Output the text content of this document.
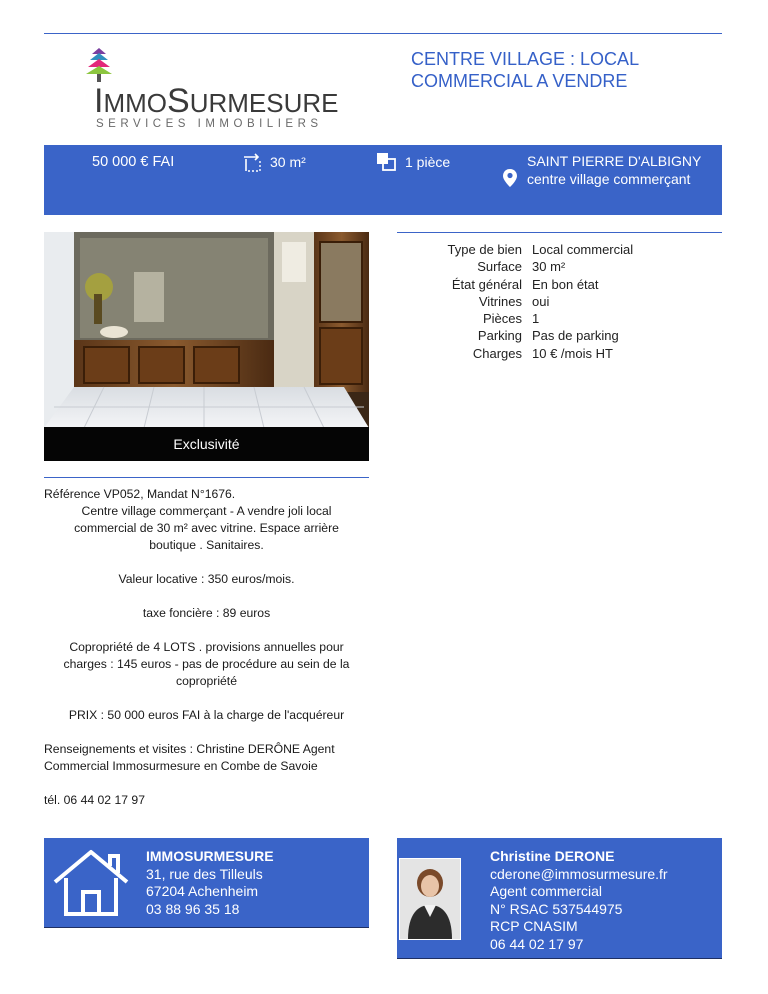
IMMOSURMESURE
SERVICES IMMOBILIERS
CENTRE VILLAGE : LOCAL
COMMERCIAL A VENDRE
50 000 € FAI	30 m²	1 pièce	SAINT PIERRE D'ALBIGNY centre village commerçant
Type de bien Local commercial
Surface 30 m²
État général En bon état
Vitrines oui
Pièces 1
Parking Pas de parking
Charges 10 € /mois HT
Exclusivité

Référence VP052, Mandat N°1676.

Centre village commerçant - A vendre joli local commercial de 30 m² avec vitrine. Espace arrière boutique . Sanitaires.

Valeur locative : 350 euros/mois.

taxe foncière : 89 euros

Copropriété de 4 LOTS . provisions annuelles pour charges : 145 euros - pas de procédure au sein de la copropriété

PRIX : 50 000 euros FAI à la charge de l'acquéreur

Renseignements et visites : Christine DERÔNE Agent Commercial Immosurmesure en Combe de Savoie

tél. 06 44 02 17 97

IMMOSURMESURE
31, rue des Tilleuls
67204 Achenheim
03 88 96 35 18
Christine DERONE
cderone@immosurmesure.fr
Agent commercial
N° RSAC 537544975
RCP CNASIM
06 44 02 17 97
